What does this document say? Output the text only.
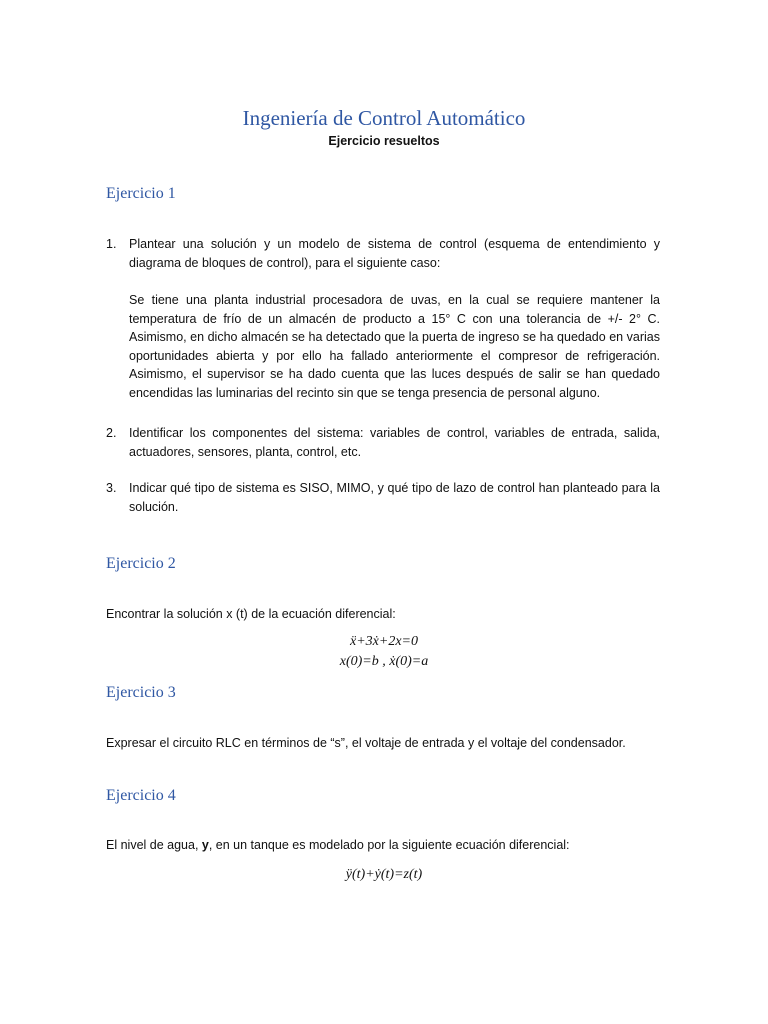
Ingeniería de Control Automático
Ejercicio resueltos
Ejercicio 1
1. Plantear una solución y un modelo de sistema de control (esquema de entendimiento y diagrama de bloques de control), para el siguiente caso:
Se tiene una planta industrial procesadora de uvas, en la cual se requiere mantener la temperatura de frío de un almacén de producto a 15° C con una tolerancia de +/- 2° C. Asimismo, en dicho almacén se ha detectado que la puerta de ingreso se ha quedado en varias oportunidades abierta y por ello ha fallado anteriormente el compresor de refrigeración. Asimismo, el supervisor se ha dado cuenta que las luces después de salir se han quedado encendidas las luminarias del recinto sin que se tenga presencia de personal alguno.
2. Identificar los componentes del sistema: variables de control, variables de entrada, salida, actuadores, sensores, planta, control, etc.
3. Indicar qué tipo de sistema es SISO, MIMO, y qué tipo de lazo de control han planteado para la solución.
Ejercicio 2
Encontrar la solución x (t) de la ecuación diferencial:
ẍ+3ẋ+2x=0
x(0)=b , ẋ(0)=a
Ejercicio 3
Expresar el circuito RLC en términos de “s”, el voltaje de entrada y el voltaje del condensador.
Ejercicio 4
El nivel de agua, y, en un tanque es modelado por la siguiente ecuación diferencial:
ÿ(t)+ẏ(t)=z(t)
